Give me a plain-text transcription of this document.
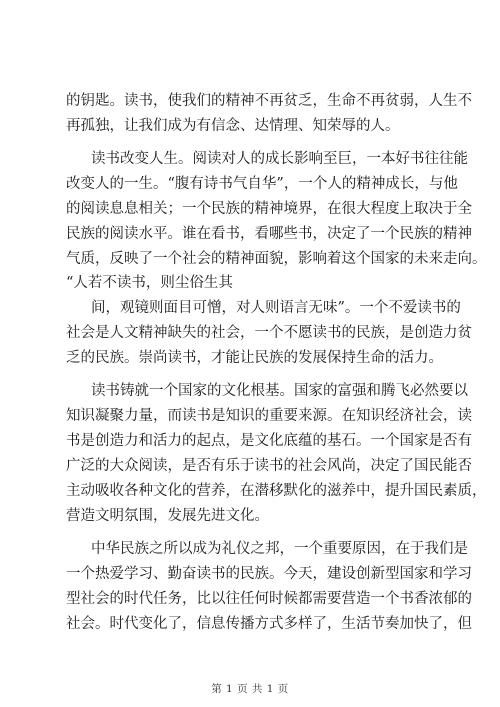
的钥匙。读书，使我们的精神不再贫乏，生命不再贫弱，人生不
再孤独，让我们成为有信念、达情理、知荣辱的人。
读书改变人生。阅读对人的成长影响至巨，一本好书往往能
改变人的一生。“腹有诗书气自华”，一个人的精神成长，与他
的阅读息息相关；一个民族的精神境界，在很大程度上取决于全
民族的阅读水平。谁在看书，看哪些书，决定了一个民族的精神
气质，反映了一个社会的精神面貌，影响着这个国家的未来走向。
“人若不读书，则尘俗生其
间，观镜则面目可憎，对人则语言无味”。一个不爱读书的
社会是人文精神缺失的社会，一个不愿读书的民族，是创造力贫
乏的民族。崇尚读书，才能让民族的发展保持生命的活力。
读书铸就一个国家的文化根基。国家的富强和腾飞必然要以
知识凝聚力量，而读书是知识的重要来源。在知识经济社会，读
书是创造力和活力的起点，是文化底蕴的基石。一个国家是否有
广泛的大众阅读，是否有乐于读书的社会风尚，决定了国民能否
主动吸收各种文化的营养，在潜移默化的滋养中，提升国民素质，
营造文明氛围，发展先进文化。
中华民族之所以成为礼仪之邦，一个重要原因，在于我们是
一个热爱学习、勤奋读书的民族。今天，建设创新型国家和学习
型社会的时代任务，比以往任何时候都需要营造一个书香浓郁的
社会。时代变化了，信息传播方式多样了，生活节奏加快了，但
第 1 页 共 1 页
